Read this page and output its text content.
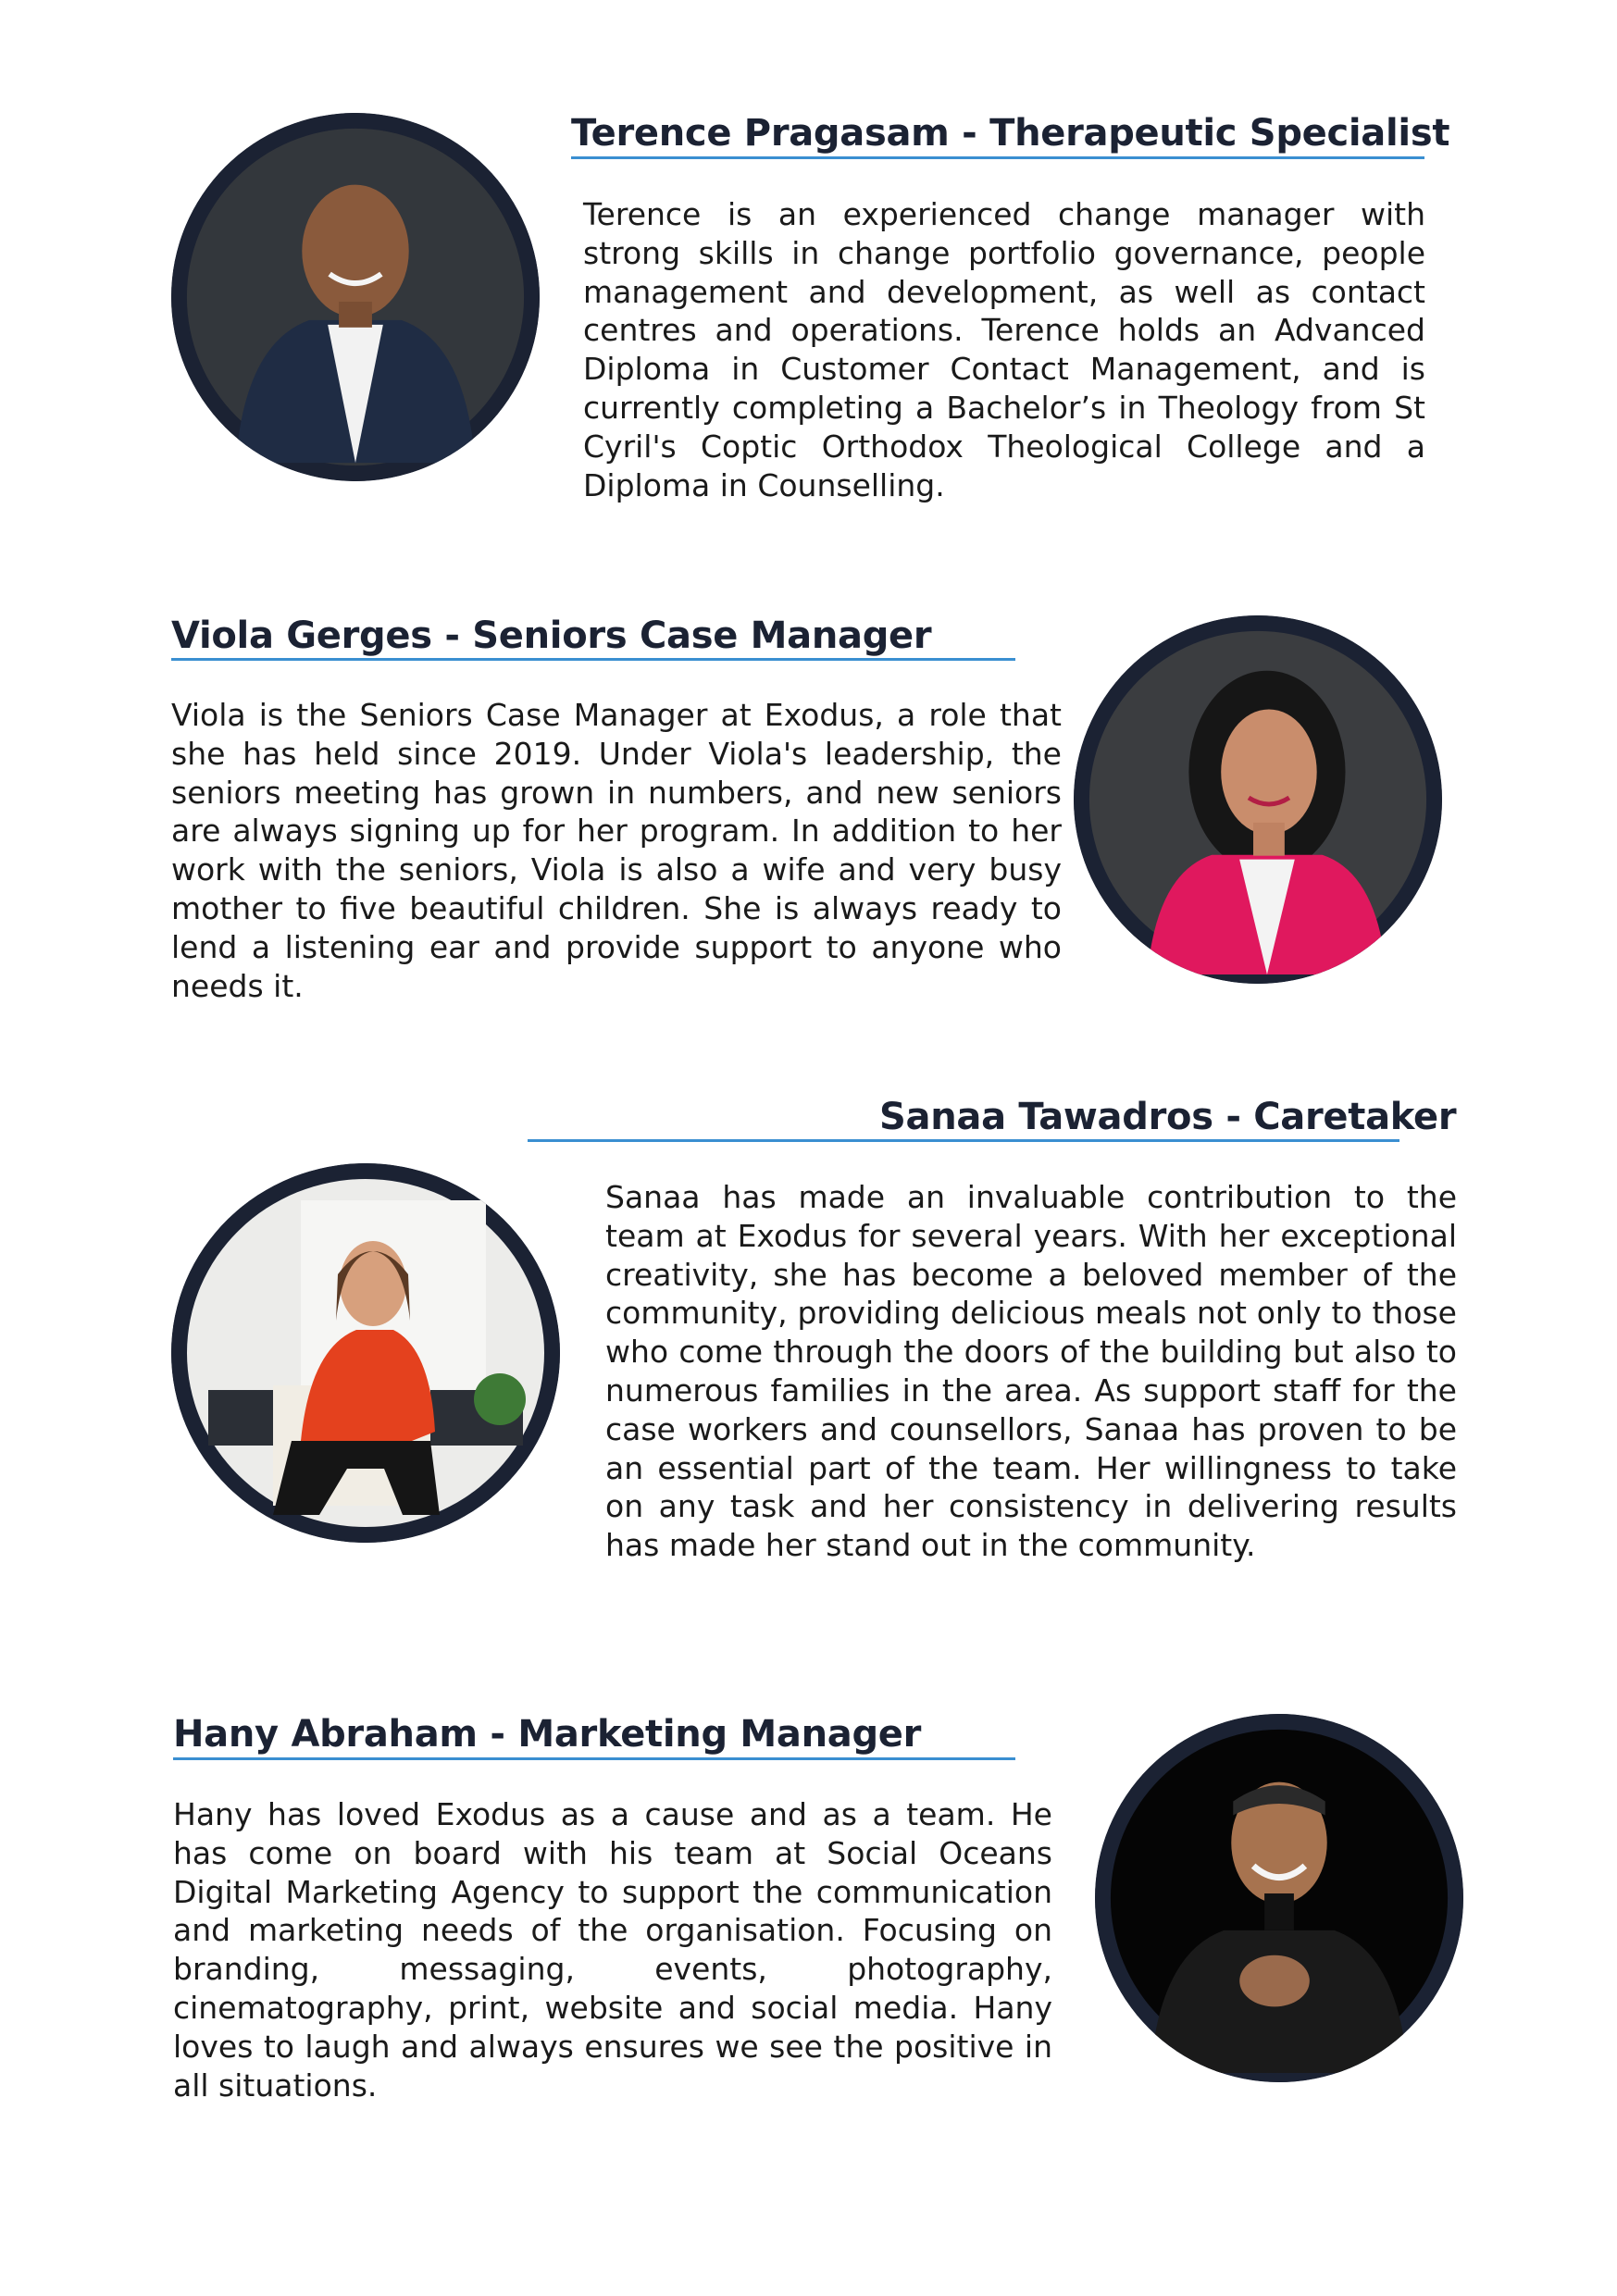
Terence Pragasam - Therapeutic Specialist

Terence is an experienced change manager with strong skills in change portfolio governance, people management and development, as well as contact centres and operations. Terence holds an Advanced Diploma in Customer Contact Management, and is currently completing a Bachelor’s in Theology from St Cyril's Coptic Orthodox Theological College and a Diploma in Counselling.

Viola Gerges - Seniors Case Manager

Viola is the Seniors Case Manager at Exodus, a role that she has held since 2019. Under Viola's leadership, the seniors meeting has grown in numbers, and new seniors are always signing up for her program. In addition to her work with the seniors, Viola is also a wife and very busy mother to five beautiful children. She is always ready to lend a listening ear and provide support to anyone who needs it.

Sanaa Tawadros - Caretaker

Sanaa has made an invaluable contribution to the team at Exodus for several years. With her exceptional creativity, she has become a beloved member of the community, providing delicious meals not only to those who come through the doors of the building but also to numerous families in the area. As support staff for the case workers and counsellors, Sanaa has proven to be an essential part of the team. Her willingness to take on any task and her consistency in delivering results has made her stand out in the community.

Hany Abraham - Marketing Manager

Hany has loved Exodus as a cause and as a team. He has come on board with his team at Social Oceans Digital Marketing Agency to support the communication and marketing needs of the organisation. Focusing on branding, messaging, events, photography, cinematography, print, website and social media. Hany loves to laugh and always ensures we see the positive in all situations.
